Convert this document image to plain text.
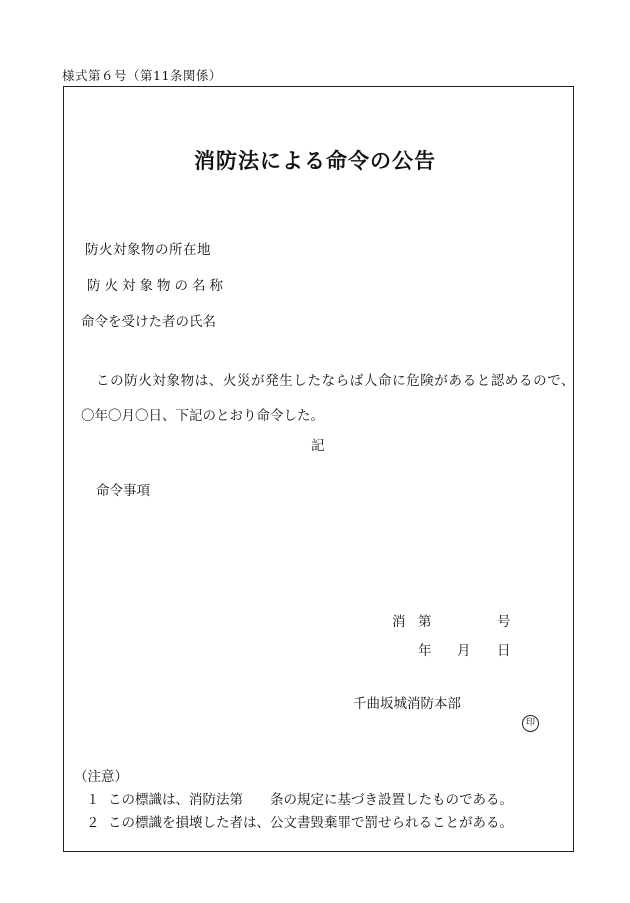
様式第６号（第11条関係）
消防法による命令の公告
防火対象物の所在地
防火対象物の名称
命令を受けた者の氏名
この防火対象物は、火災が発生したならば人命に危険があると認めるので、
〇年〇月〇日、下記のとおり命令した。
記
命令事項
消 第	号
年 月 日
千曲坂城消防本部
印
（注意）
１ この標識は、消防法第　　条の規定に基づき設置したものである。
２ この標識を損壊した者は、公文書毀棄罪で罰せられることがある。
